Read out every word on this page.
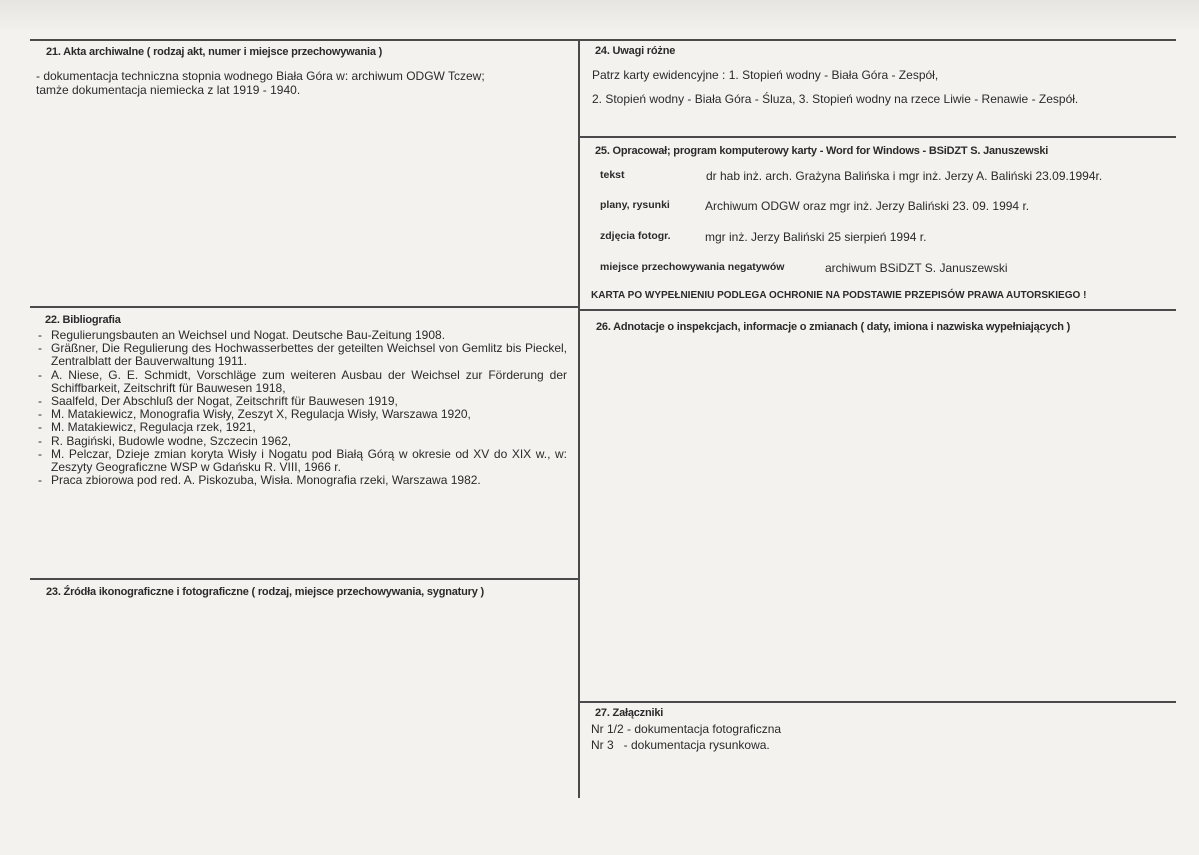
21. Akta archiwalne ( rodzaj akt, numer i miejsce przechowywania )
- dokumentacja techniczna stopnia wodnego Biała Góra w: archiwum ODGW Tczew;
tamże dokumentacja niemiecka z lat 1919 - 1940.
22. Bibliografia
- Regulierungsbauten an Weichsel und Nogat. Deutsche Bau-Zeitung 1908.
- Gräßner, Die Regulierung des Hochwasserbettes der geteilten Weichsel von Gemlitz bis Pieckel, Zentralblatt der Bauverwaltung 1911.
- A. Niese, G. E. Schmidt, Vorschläge zum weiteren Ausbau der Weichsel zur Förderung der Schiffbarkeit, Zeitschrift für Bauwesen 1918,
- Saalfeld, Der Abschluß der Nogat, Zeitschrift für Bauwesen 1919,
- M. Matakiewicz, Monografia Wisły, Zeszyt X, Regulacja Wisły, Warszawa 1920,
- M. Matakiewicz, Regulacja rzek, 1921,
- R. Bagiński, Budowle wodne, Szczecin 1962,
- M. Pelczar, Dzieje zmian koryta Wisły i Nogatu pod Białą Górą w okresie od XV do XIX w., w: Zeszyty Geograficzne WSP w Gdańsku R. VIII, 1966 r.
- Praca zbiorowa pod red. A. Piskozuba, Wisła. Monografia rzeki, Warszawa 1982.
23. Źródła ikonograficzne i fotograficzne ( rodzaj, miejsce przechowywania, sygnatury )
24. Uwagi różne
Patrz karty ewidencyjne : 1. Stopień wodny - Biała Góra - Zespół,
2. Stopień wodny - Biała Góra - Śluza, 3. Stopień wodny na rzece Liwie - Renawie - Zespół.
25. Opracował; program komputerowy karty - Word for Windows - BSiDZT S. Januszewski
tekst	dr hab inż. arch. Grażyna Balińska i mgr inż. Jerzy A. Baliński 23.09.1994r.
plany, rysunki	Archiwum ODGW oraz mgr inż. Jerzy Baliński 23. 09. 1994 r.
zdjęcia fotogr.	mgr inż. Jerzy Baliński 25 sierpień 1994 r.
miejsce przechowywania negatywów	archiwum BSiDZT S. Januszewski
KARTA PO WYPEŁNIENIU PODLEGA OCHRONIE NA PODSTAWIE PRZEPISÓW PRAWA AUTORSKIEGO !
26. Adnotacje o inspekcjach, informacje o zmianach ( daty, imiona i nazwiska wypełniających )
27. Załączniki
Nr 1/2 - dokumentacja fotograficzna
Nr 3   - dokumentacja rysunkowa.
